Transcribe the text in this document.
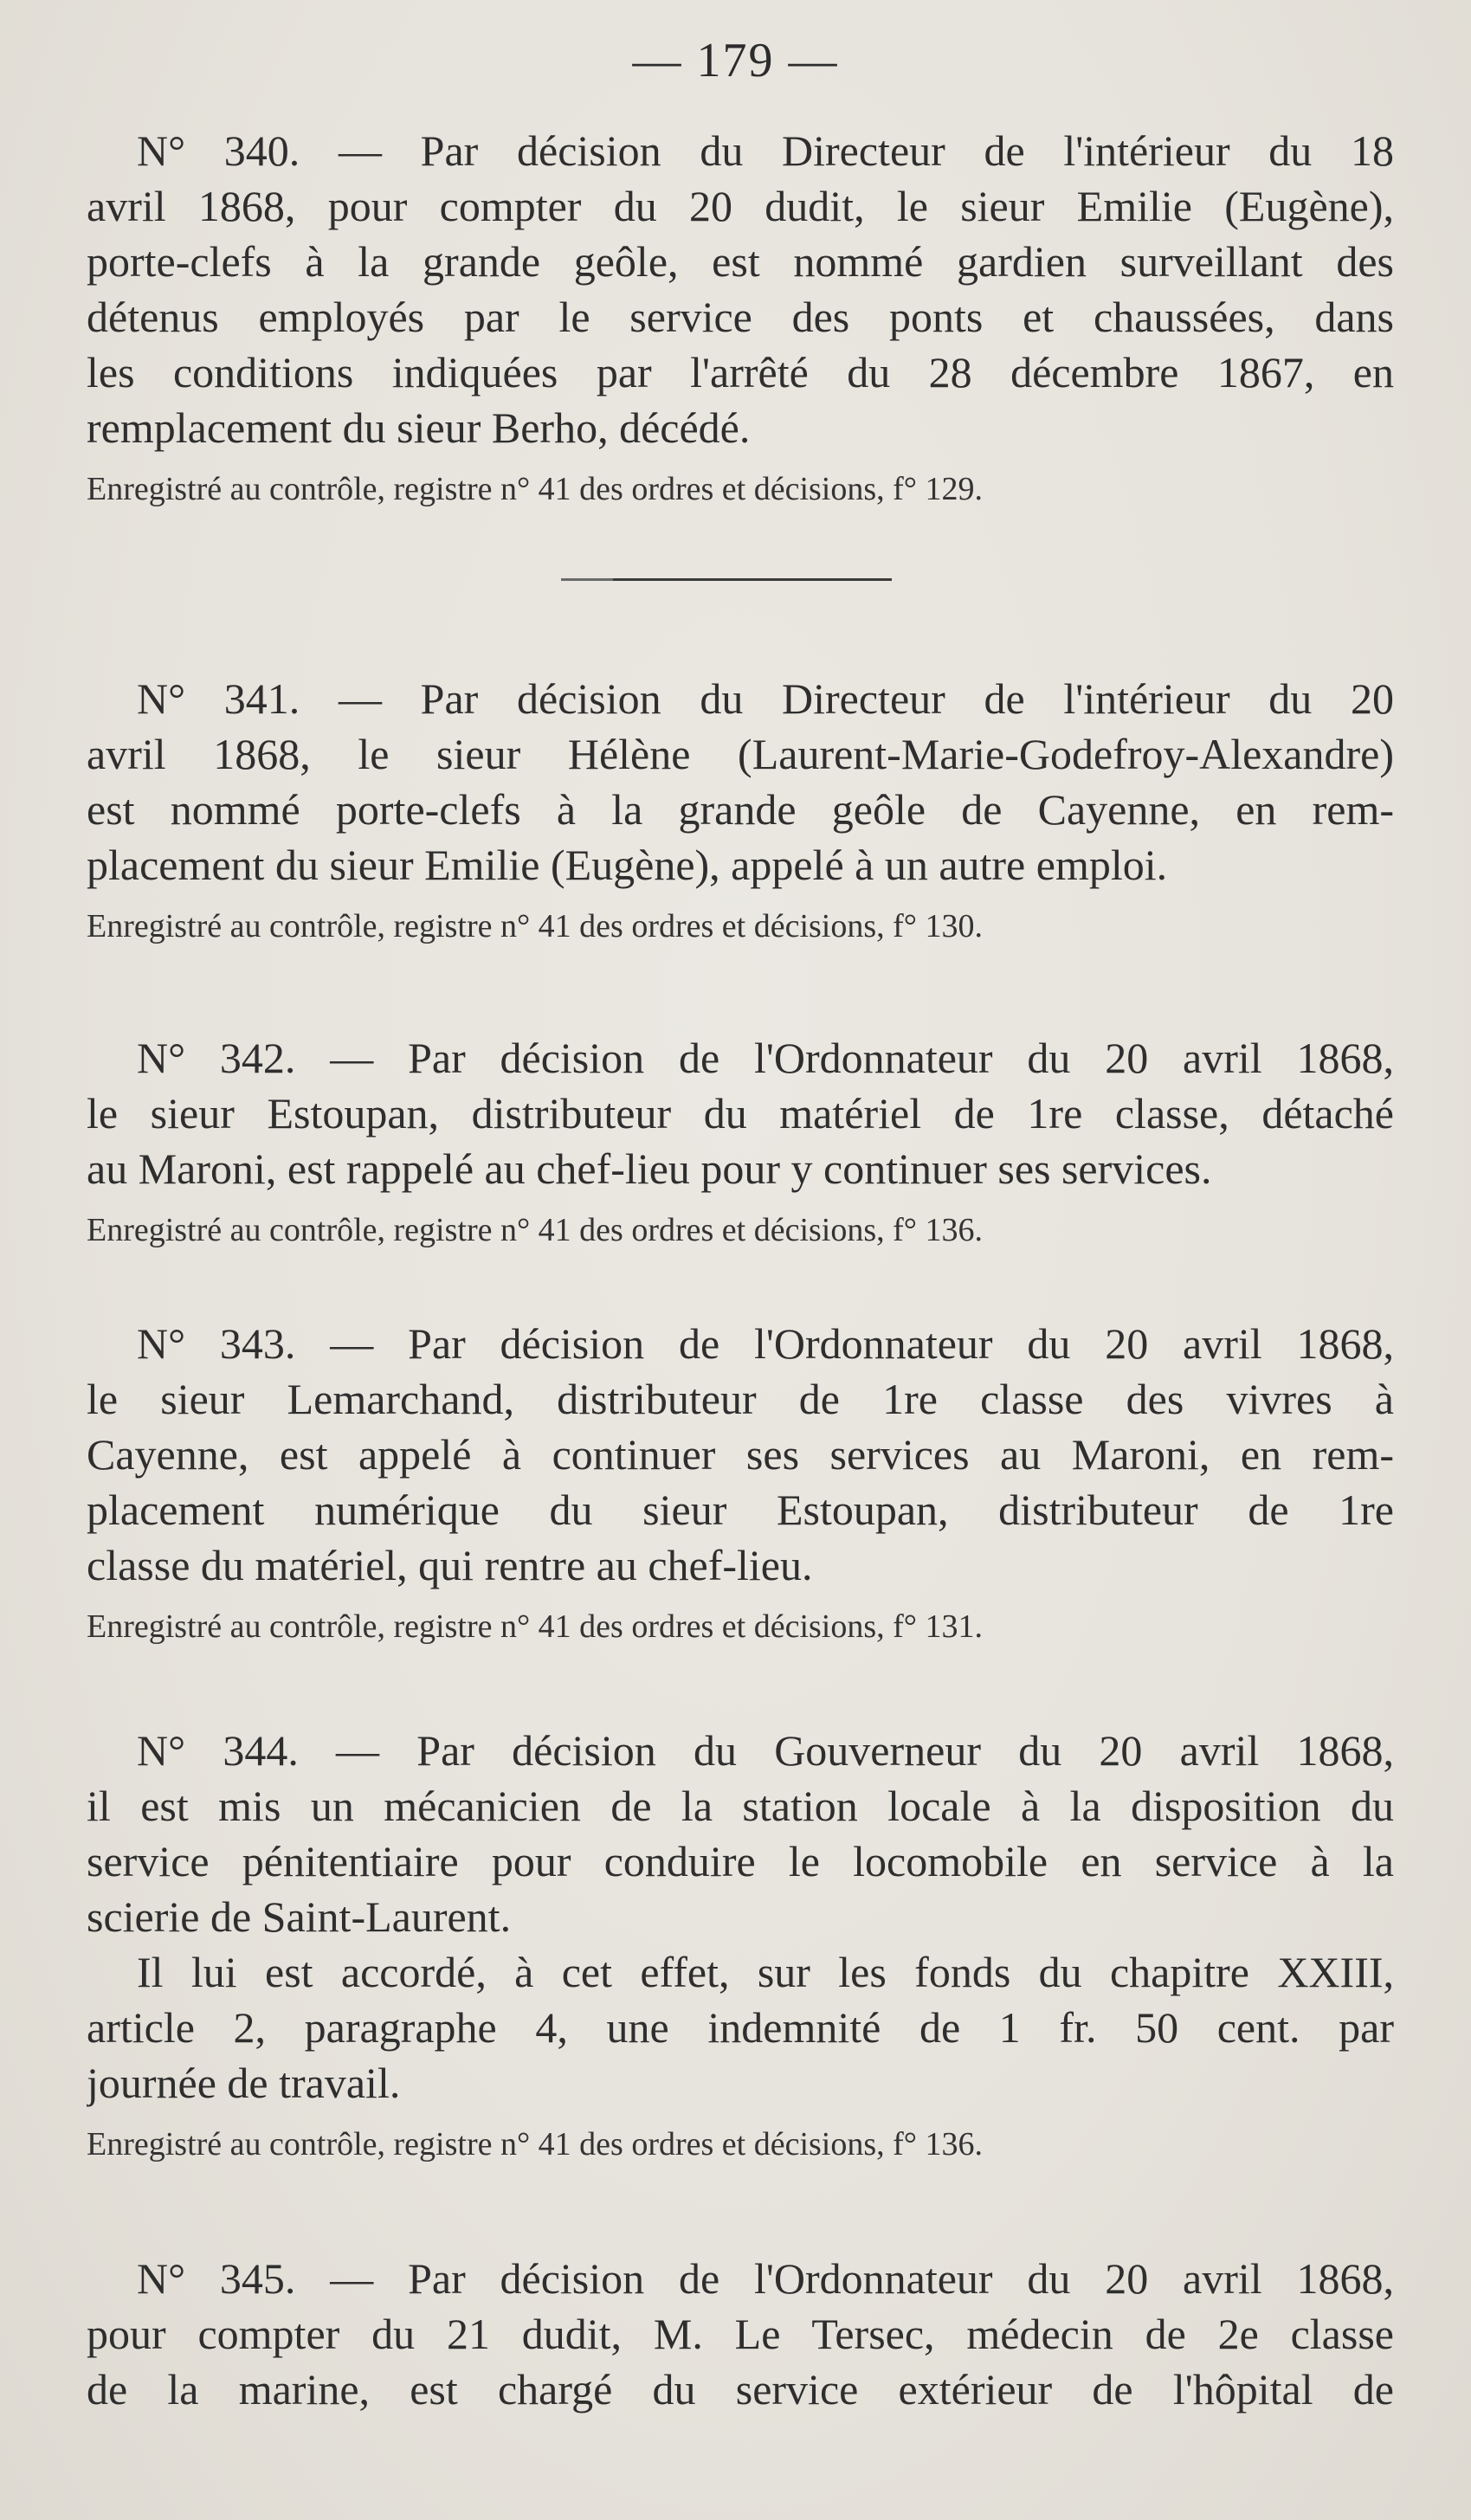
— 179 —
N° 340. — Par décision du Directeur de l'intérieur du 18
avril 1868, pour compter du 20 dudit, le sieur Emilie (Eugène),
porte-clefs à la grande geôle, est nommé gardien surveillant des
détenus employés par le service des ponts et chaussées, dans
les conditions indiquées par l'arrêté du 28 décembre 1867, en
remplacement du sieur Berho, décédé.
Enregistré au contrôle, registre n° 41 des ordres et décisions, f° 129.
N° 341. — Par décision du Directeur de l'intérieur du 20
avril 1868, le sieur Hélène (Laurent-Marie-Godefroy-Alexandre)
est nommé porte-clefs à la grande geôle de Cayenne, en rem-
placement du sieur Emilie (Eugène), appelé à un autre emploi.
Enregistré au contrôle, registre n° 41 des ordres et décisions, f° 130.
N° 342. — Par décision de l'Ordonnateur du 20 avril 1868,
le sieur Estoupan, distributeur du matériel de 1re classe, détaché
au Maroni, est rappelé au chef-lieu pour y continuer ses services.
Enregistré au contrôle, registre n° 41 des ordres et décisions, f° 136.
N° 343. — Par décision de l'Ordonnateur du 20 avril 1868,
le sieur Lemarchand, distributeur de 1re classe des vivres à
Cayenne, est appelé à continuer ses services au Maroni, en rem-
placement numérique du sieur Estoupan, distributeur de 1re
classe du matériel, qui rentre au chef-lieu.
Enregistré au contrôle, registre n° 41 des ordres et décisions, f° 131.
N° 344. — Par décision du Gouverneur du 20 avril 1868,
il est mis un mécanicien de la station locale à la disposition du
service pénitentiaire pour conduire le locomobile en service à la
scierie de Saint-Laurent.
Il lui est accordé, à cet effet, sur les fonds du chapitre XXIII,
article 2, paragraphe 4, une indemnité de 1 fr. 50 cent. par
journée de travail.
Enregistré au contrôle, registre n° 41 des ordres et décisions, f° 136.
N° 345. — Par décision de l'Ordonnateur du 20 avril 1868,
pour compter du 21 dudit, M. Le Tersec, médecin de 2e classe
de la marine, est chargé du service extérieur de l'hôpital de
